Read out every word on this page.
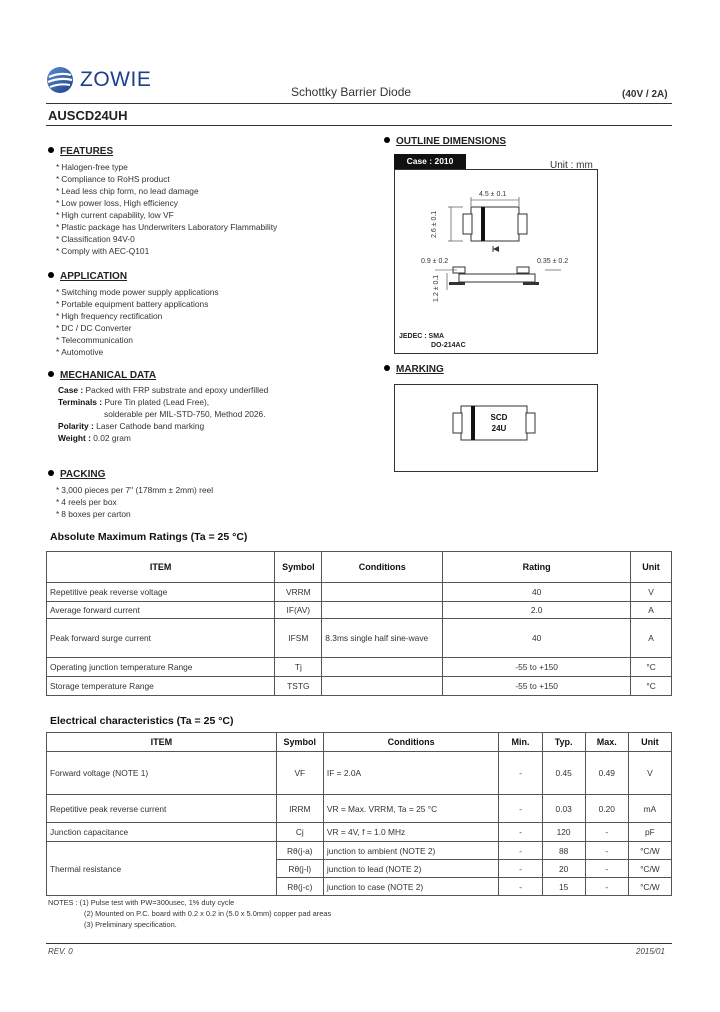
ZOWIE
Schottky Barrier Diode	(40V / 2A)
AUSCD24UH
FEATURES
* Halogen-free type
* Compliance to RoHS product
* Lead less chip form, no lead damage
* Low power loss, High efficiency
* High current capability, low VF
* Plastic package has Underwriters Laboratory Flammability
* Classification 94V-0
* Comply with AEC-Q101
APPLICATION
* Switching mode power supply applications
* Portable equipment battery applications
* High frequency rectification
* DC / DC Converter
* Telecommunication
* Automotive
MECHANICAL DATA
Case : Packed with FRP substrate and epoxy underfilled
Terminals : Pure Tin plated (Lead Free),
solderable per MIL-STD-750, Method 2026.
Polarity : Laser Cathode band marking
Weight : 0.02 gram
PACKING
* 3,000 pieces per 7" (178mm ± 2mm) reel
* 4 reels per box
* 8 boxes per carton
OUTLINE DIMENSIONS
Case : 2010	Unit : mm
4.5 ± 0.1
2.6 ± 0.1
0.9 ± 0.2	0.35 ± 0.2
1.2 ± 0.1
JEDEC : SMA
DO-214AC
MARKING
SCD
24U
Absolute Maximum Ratings (Ta = 25 °C)
ITEM	Symbol	Conditions	Rating	Unit
Repetitive peak reverse voltage	VRRM		40	V
Average forward current	IF(AV)		2.0	A
Peak forward surge current	IFSM	8.3ms single half sine-wave	40	A
Operating junction temperature Range	Tj		-55 to +150	°C
Storage temperature Range	TSTG		-55 to +150	°C
Electrical characteristics (Ta = 25 °C)
ITEM	Symbol	Conditions	Min.	Typ.	Max.	Unit
Forward voltage (NOTE 1)	VF	IF = 2.0A	-	0.45	0.49	V
Repetitive peak reverse current	IRRM	VR = Max. VRRM, Ta = 25 °C	-	0.03	0.20	mA
Junction capacitance	Cj	VR = 4V, f = 1.0 MHz	-	120	-	pF
Thermal resistance	Rθ(j-a)	junction to ambient (NOTE 2)	-	88	-	°C/W
	Rθ(j-l)	junction to lead (NOTE 2)	-	20	-	°C/W
	Rθ(j-c)	junction to case (NOTE 2)	-	15	-	°C/W
NOTES : (1) Pulse test with PW=300usec, 1% duty cycle
(2) Mounted on P.C. board with 0.2 x 0.2 in (5.0 x 5.0mm) copper pad areas
(3) Preliminary specification.
REV. 0	2015/01
